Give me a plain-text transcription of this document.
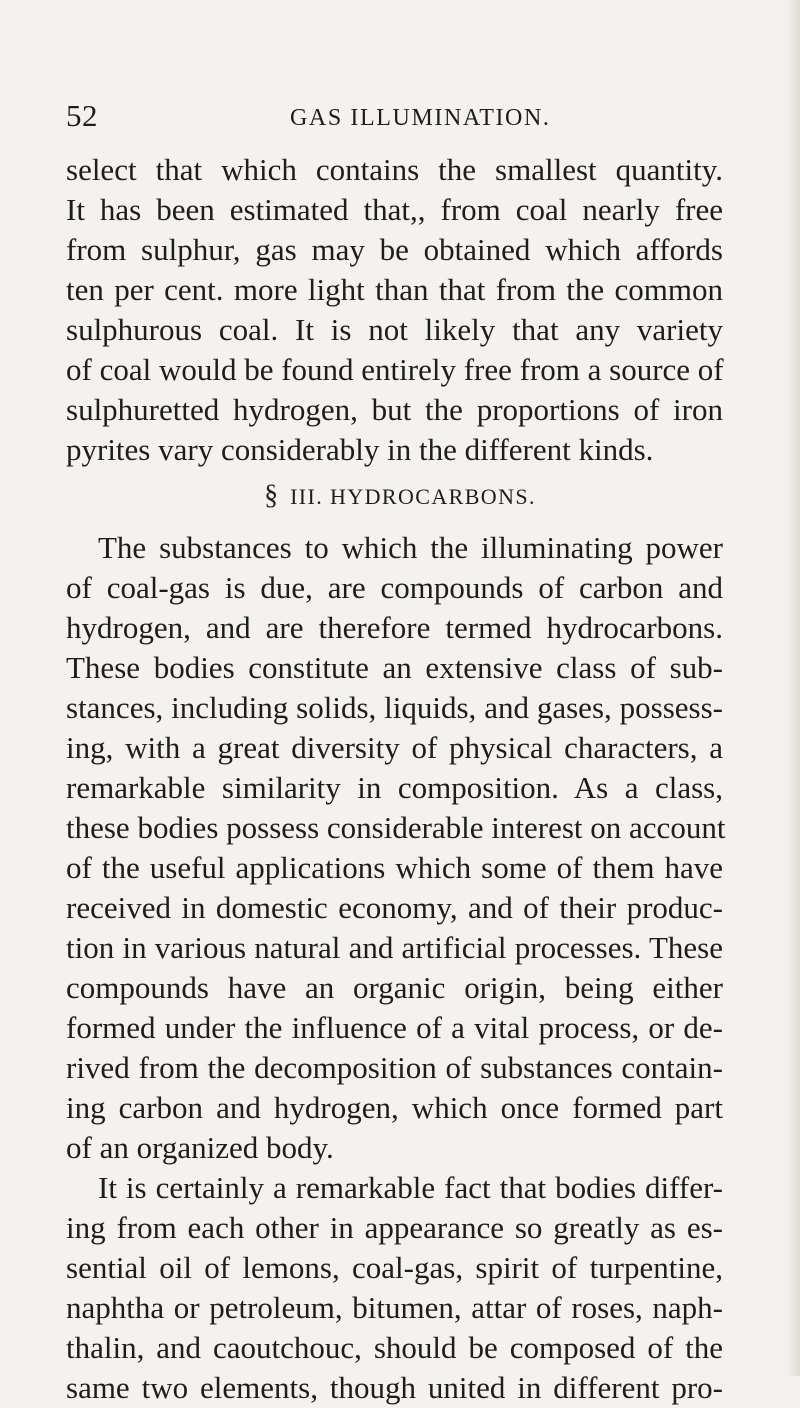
52	GAS ILLUMINATION.
select that which contains the smallest quantity.
It has been estimated that,, from coal nearly free
from sulphur, gas may be obtained which affords
ten per cent. more light than that from the common
sulphurous coal. It is not likely that any variety
of coal would be found entirely free from a source of
sulphuretted hydrogen, but the proportions of iron
pyrites vary considerably in the different kinds.
§ III. HYDROCARBONS.
The substances to which the illuminating power
of coal-gas is due, are compounds of carbon and
hydrogen, and are therefore termed hydrocarbons.
These bodies constitute an extensive class of sub-
stances, including solids, liquids, and gases, possess-
ing, with a great diversity of physical characters, a
remarkable similarity in composition. As a class,
these bodies possess considerable interest on account
of the useful applications which some of them have
received in domestic economy, and of their produc-
tion in various natural and artificial processes. These
compounds have an organic origin, being either
formed under the influence of a vital process, or de-
rived from the decomposition of substances contain-
ing carbon and hydrogen, which once formed part
of an organized body.
It is certainly a remarkable fact that bodies differ-
ing from each other in appearance so greatly as es-
sential oil of lemons, coal-gas, spirit of turpentine,
naphtha or petroleum, bitumen, attar of roses, naph-
thalin, and caoutchouc, should be composed of the
same two elements, though united in different pro-
